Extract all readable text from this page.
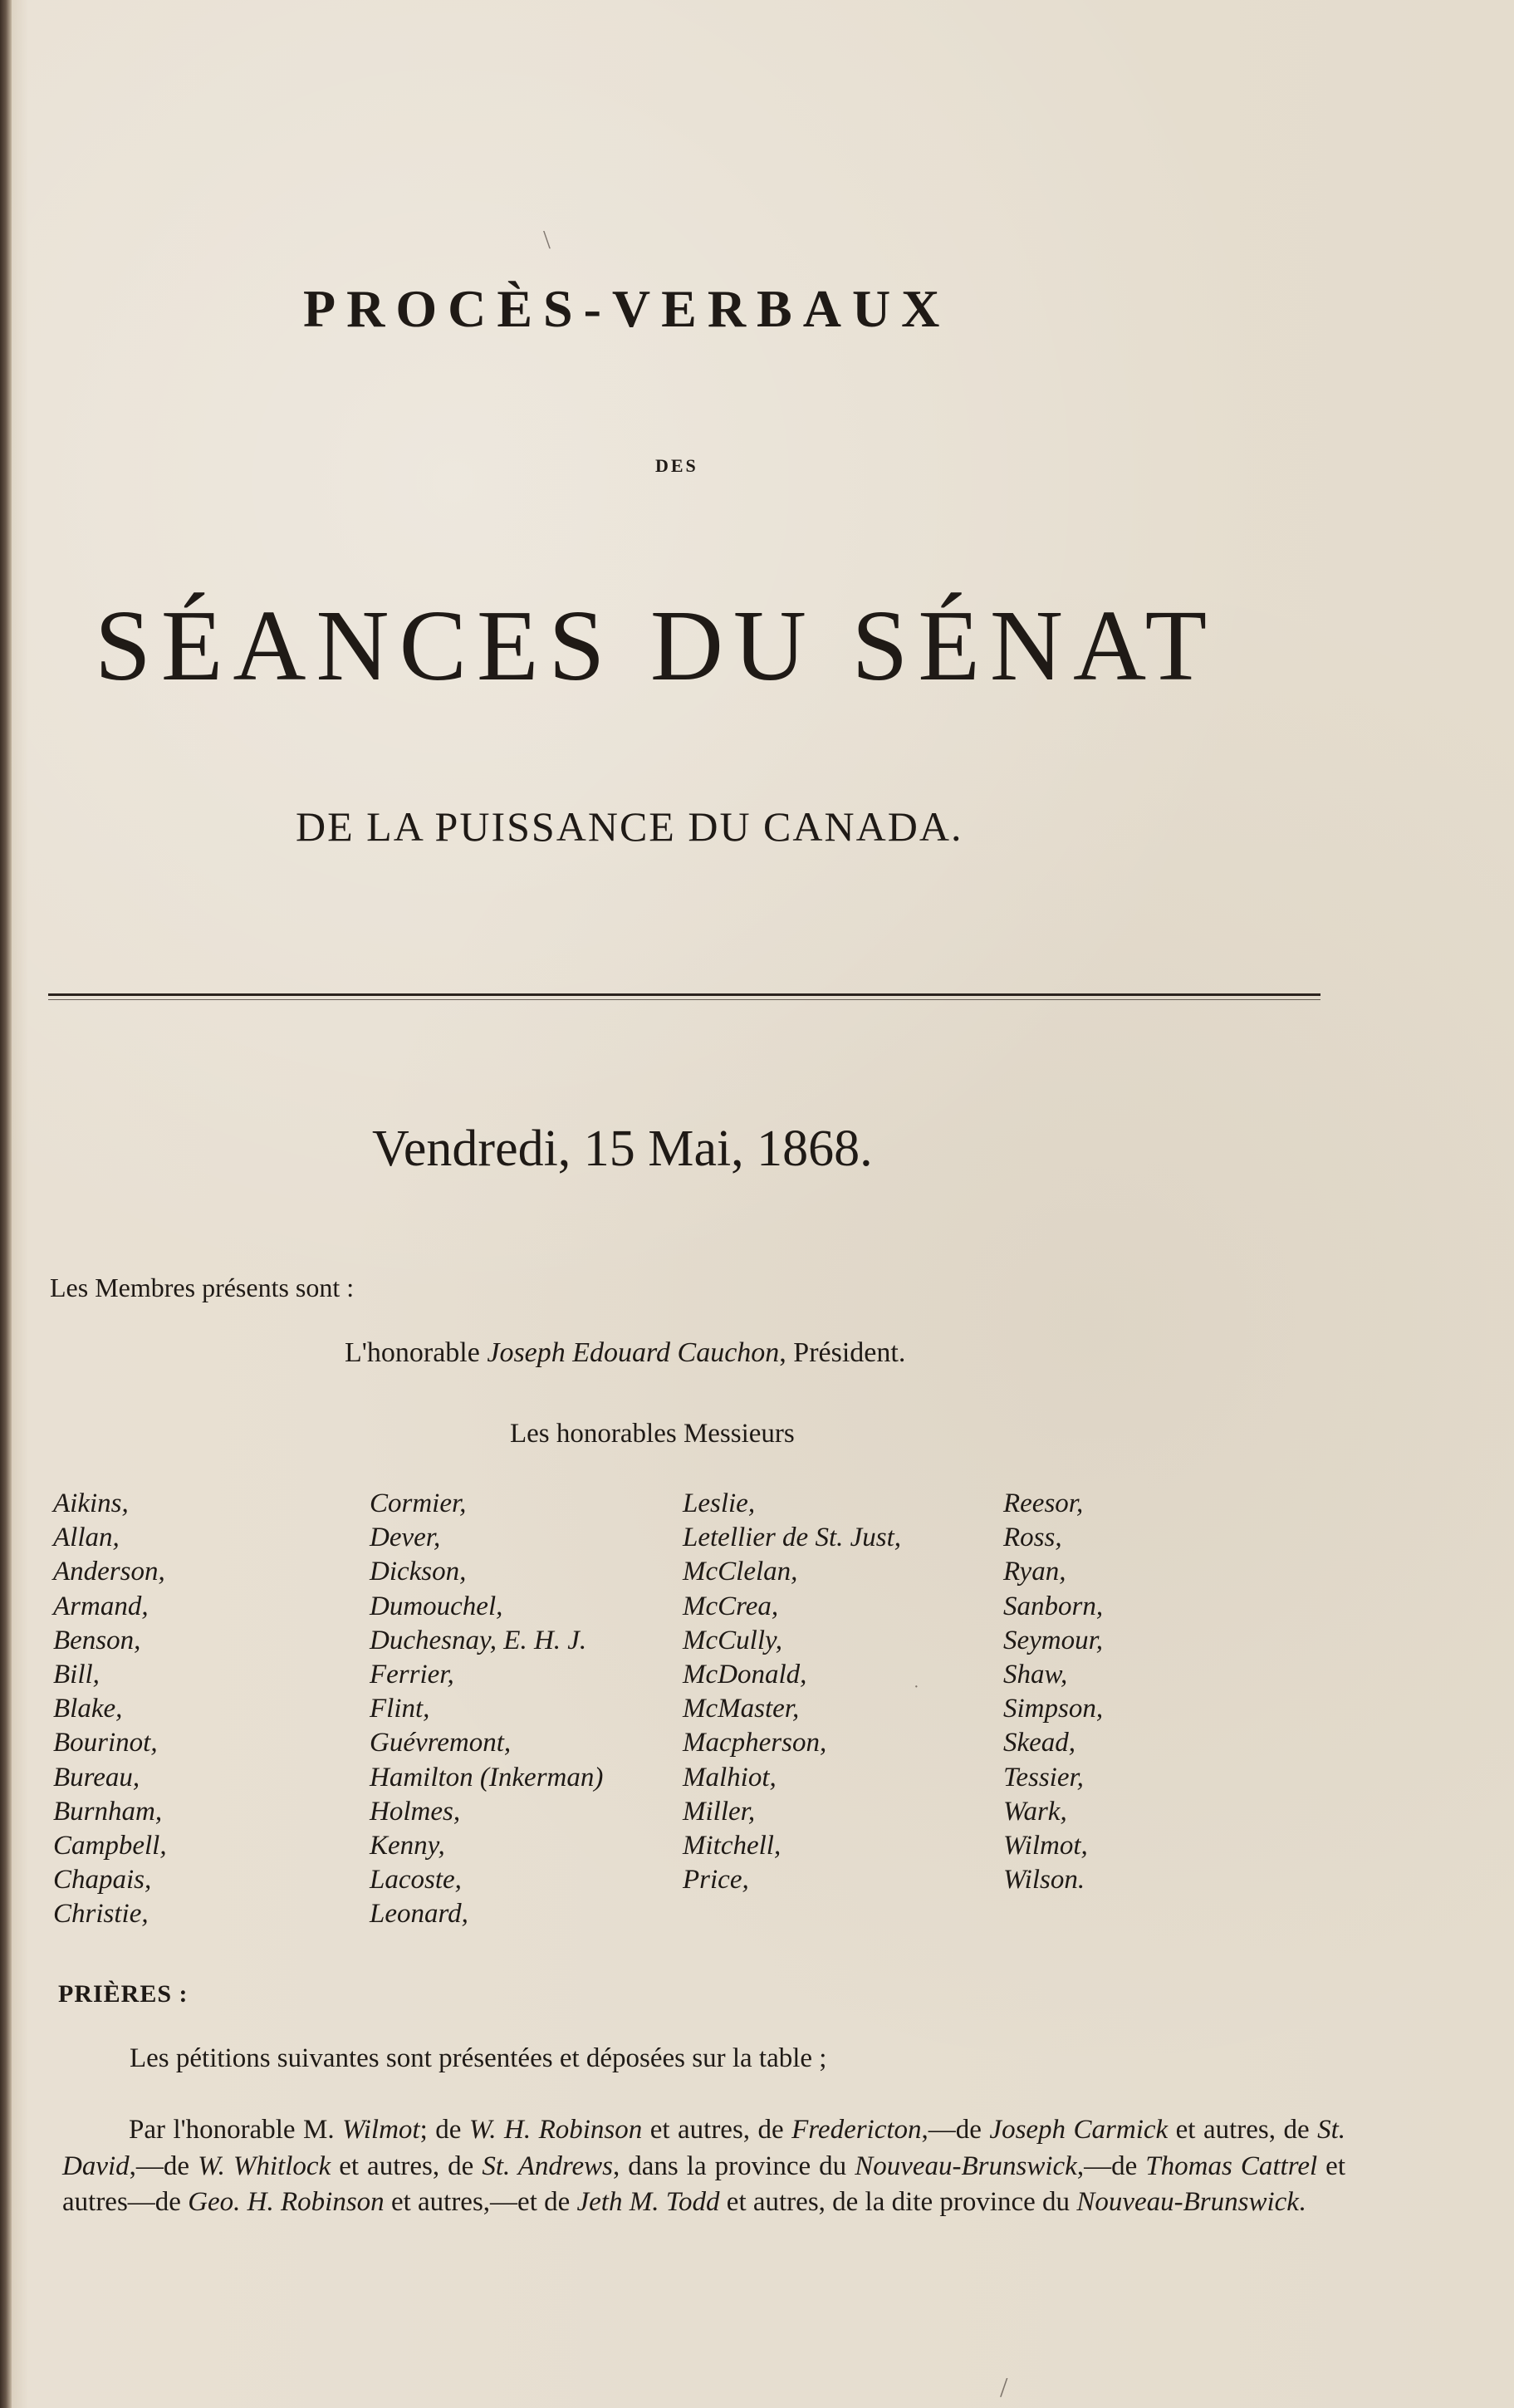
PROCÈS-VERBAUX
DES
SÉANCES DU SÉNAT
DE LA PUISSANCE DU CANADA.
Vendredi, 15 Mai, 1868.
Les Membres présents sont :
L'honorable Joseph Edouard Cauchon, Président.
Les honorables Messieurs
Aikins,
Allan,
Anderson,
Armand,
Benson,
Bill,
Blake,
Bourinot,
Bureau,
Burnham,
Campbell,
Chapais,
Christie,
Cormier,
Dever,
Dickson,
Dumouchel,
Duchesnay, E. H. J.
Ferrier,
Flint,
Guévremont,
Hamilton (Inkerman)
Holmes,
Kenny,
Lacoste,
Leonard,
Leslie,
Letellier de St. Just,
McClelan,
McCrea,
McCully,
McDonald,
McMaster,
Macpherson,
Malhiot,
Miller,
Mitchell,
Price,
Reesor,
Ross,
Ryan,
Sanborn,
Seymour,
Shaw,
Simpson,
Skead,
Tessier,
Wark,
Wilmot,
Wilson.
PRIÈRES :
Les pétitions suivantes sont présentées et déposées sur la table ;
Par l'honorable M. Wilmot; de W. H. Robinson et autres, de Fredericton,—de Joseph Carmick et autres, de St. David,—de W. Whitlock et autres, de St. Andrews, dans la province du Nouveau-Brunswick,—de Thomas Cattrel et autres—de Geo. H. Robinson et autres,—et de Jeth M. Todd et autres, de la dite province du Nouveau-Brunswick.
\
·
/
